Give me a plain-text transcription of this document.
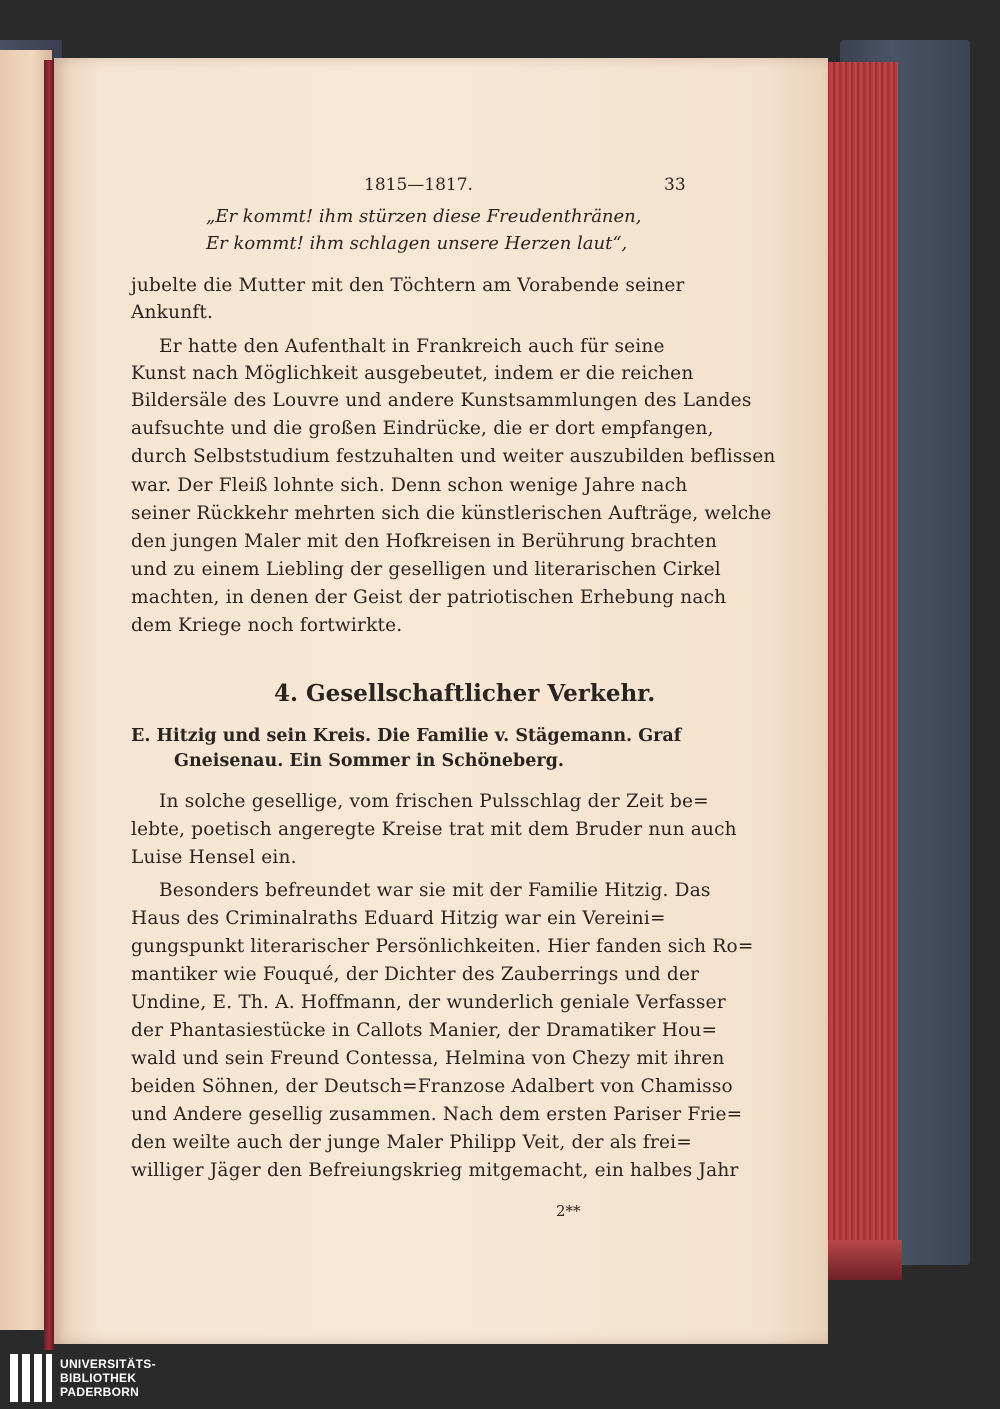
1815—1817.	33
„Er kommt! ihm stürzen diese Freudenthränen,
Er kommt! ihm schlagen unsere Herzen laut“,
jubelte die Mutter mit den Töchtern am Vorabende seiner
Ankunft.
Er hatte den Aufenthalt in Frankreich auch für seine
Kunst nach Möglichkeit ausgebeutet, indem er die reichen
Bildersäle des Louvre und andere Kunstsammlungen des Landes
aufsuchte und die großen Eindrücke, die er dort empfangen,
durch Selbststudium festzuhalten und weiter auszubilden beflissen
war. Der Fleiß lohnte sich. Denn schon wenige Jahre nach
seiner Rückkehr mehrten sich die künstlerischen Aufträge, welche
den jungen Maler mit den Hofkreisen in Berührung brachten
und zu einem Liebling der geselligen und literarischen Cirkel
machten, in denen der Geist der patriotischen Erhebung nach
dem Kriege noch fortwirkte.
4. Gesellschaftlicher Verkehr.
E. Hitzig und sein Kreis. Die Familie v. Stägemann. Graf
Gneisenau. Ein Sommer in Schöneberg.
In solche gesellige, vom frischen Pulsschlag der Zeit be=
lebte, poetisch angeregte Kreise trat mit dem Bruder nun auch
Luise Hensel ein.
Besonders befreundet war sie mit der Familie Hitzig. Das
Haus des Criminalraths Eduard Hitzig war ein Vereini=
gungspunkt literarischer Persönlichkeiten. Hier fanden sich Ro=
mantiker wie Fouqué, der Dichter des Zauberrings und der
Undine, E. Th. A. Hoffmann, der wunderlich geniale Verfasser
der Phantasiestücke in Callots Manier, der Dramatiker Hou=
wald und sein Freund Contessa, Helmina von Chezy mit ihren
beiden Söhnen, der Deutsch=Franzose Adalbert von Chamisso
und Andere gesellig zusammen. Nach dem ersten Pariser Frie=
den weilte auch der junge Maler Philipp Veit, der als frei=
williger Jäger den Befreiungskrieg mitgemacht, ein halbes Jahr
2**
UNIVERSITÄTS-
BIBLIOTHEK
PADERBORN
